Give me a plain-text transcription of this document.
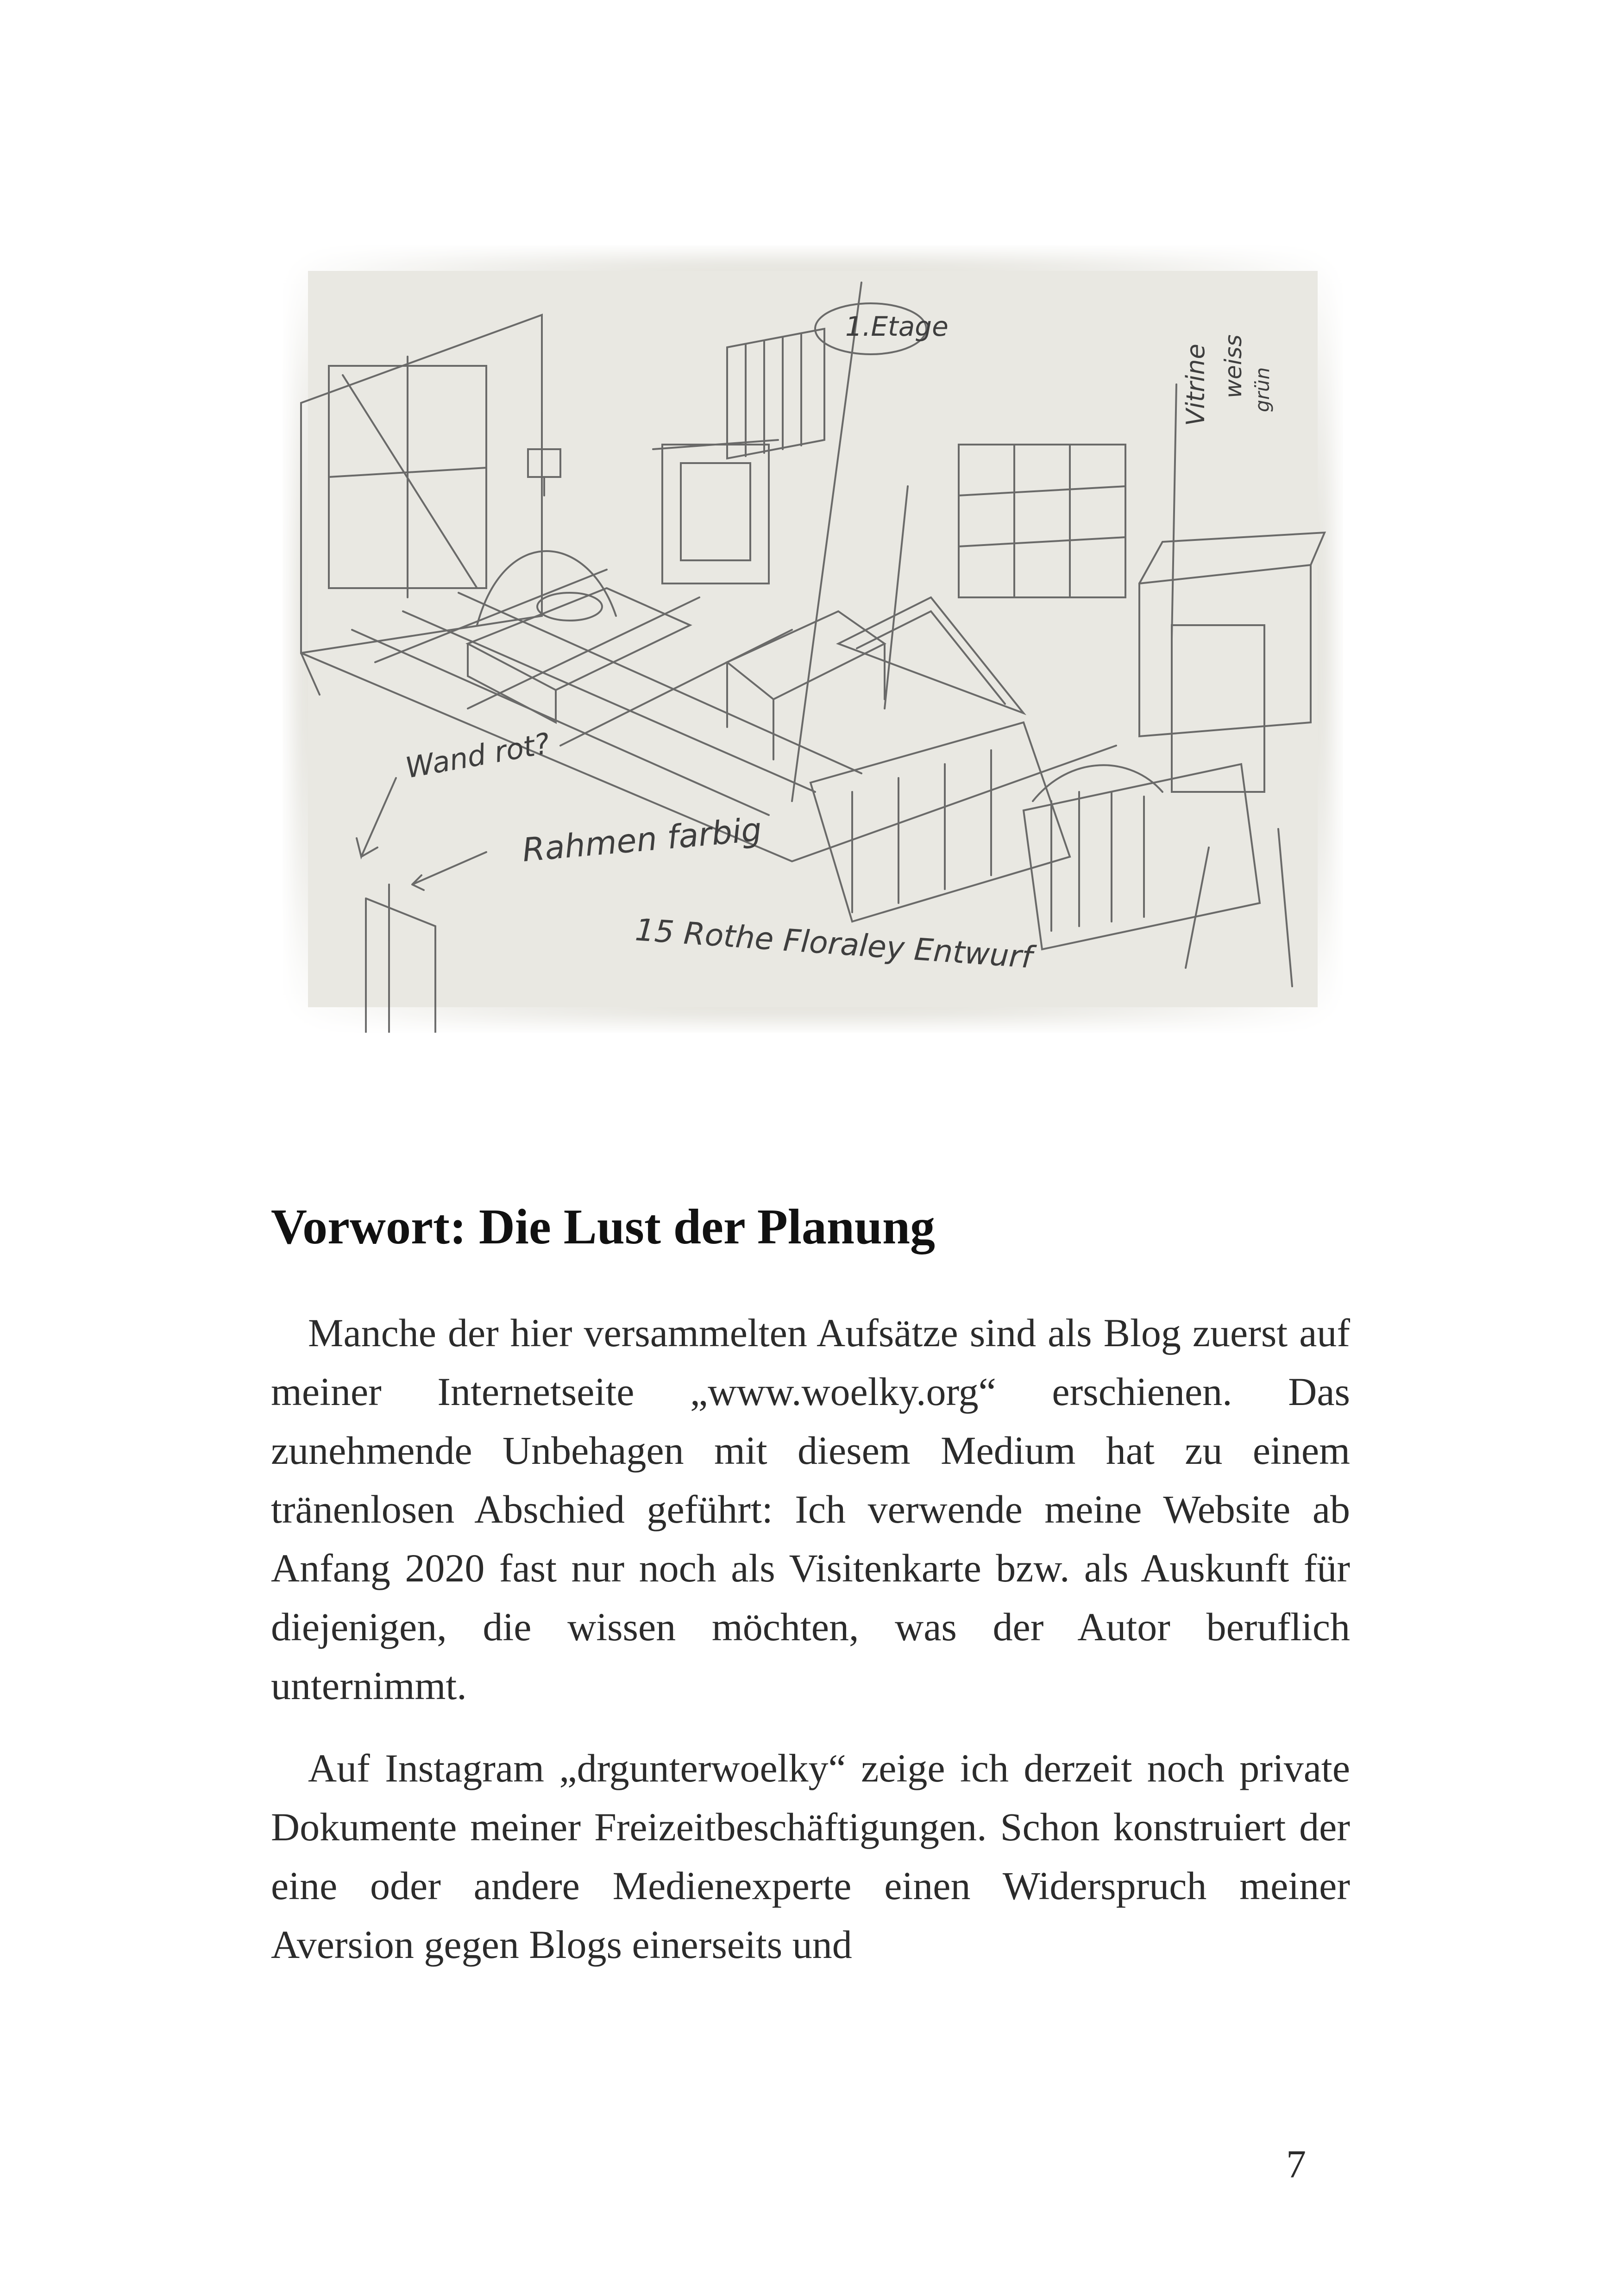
1.Etage
Vitrine weiss grün
Wand rot?
Rahmen farbig
15 Rothe Floraley Entwurf
Vorwort: Die Lust der Planung

Manche der hier versammelten Aufsätze sind als Blog zuerst auf meiner Internetseite „www.woelky.org“ erschienen. Das zunehmende Unbehagen mit diesem Medium hat zu einem tränenlosen Abschied geführt: Ich verwende meine Website ab Anfang 2020 fast nur noch als Visitenkarte bzw. als Auskunft für diejenigen, die wissen möchten, was der Autor beruflich unternimmt.

Auf Instagram „drgunterwoelky“ zeige ich derzeit noch private Dokumente meiner Freizeitbeschäftigungen. Schon konstruiert der eine oder andere Medienexperte einen Widerspruch meiner Aversion gegen Blogs einerseits und

7
